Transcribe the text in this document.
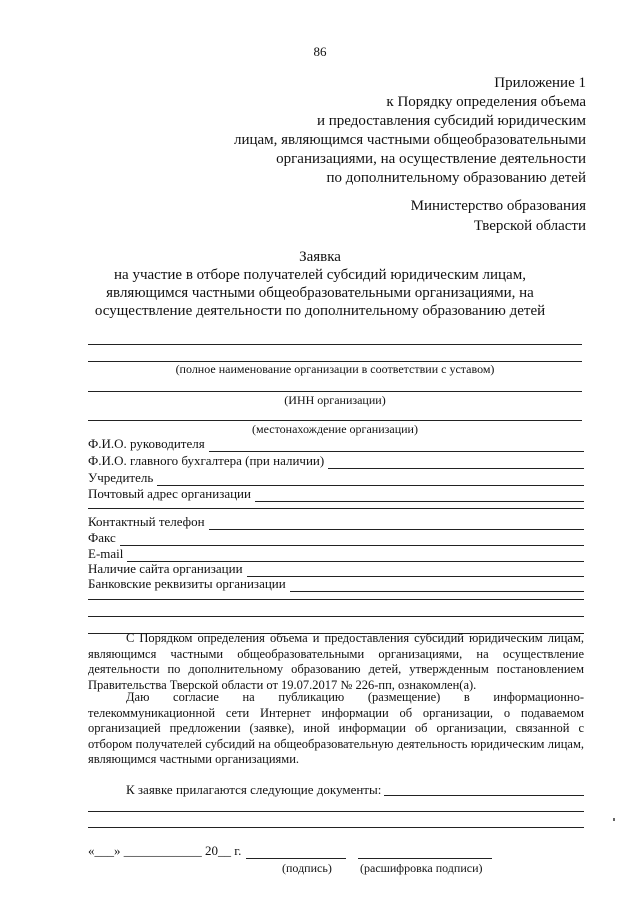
86
Приложение 1
к Порядку определения объема
и предоставления субсидий юридическим
лицам, являющимся частными общеобразовательными
организациями, на осуществление деятельности
по дополнительному образованию детей
Министерство образования
Тверской области
Заявка
на участие в отборе получателей субсидий юридическим лицам, являющимся частными общеобразовательными организациями, на осуществление деятельности по дополнительному образованию детей
(полное наименование организации в соответствии с уставом)
(ИНН организации)
(местонахождение организации)
Ф.И.О. руководителя
Ф.И.О. главного бухгалтера (при наличии)
Учредитель
Почтовый адрес организации
Контактный телефон
Факс
E-mail
Наличие сайта организации
Банковские реквизиты организации
С Порядком определения объема и предоставления субсидий юридическим лицам, являющимся частными общеобразовательными организациями, на осуществление деятельности по дополнительному образованию детей, утвержденным постановлением Правительства Тверской области от 19.07.2017 № 226-пп, ознакомлен(а).
Даю согласие на публикацию (размещение) в информационно-телекоммуникационной сети Интернет информации об организации, о подаваемом организацией предложении (заявке), иной информации об организации, связанной с отбором получателей субсидий на общеобразовательную деятельность юридическим лицам, являющимся частными организациями.
К заявке прилагаются следующие документы:
«___» ____________ 20__ г.
(подпись) (расшифровка подписи)
